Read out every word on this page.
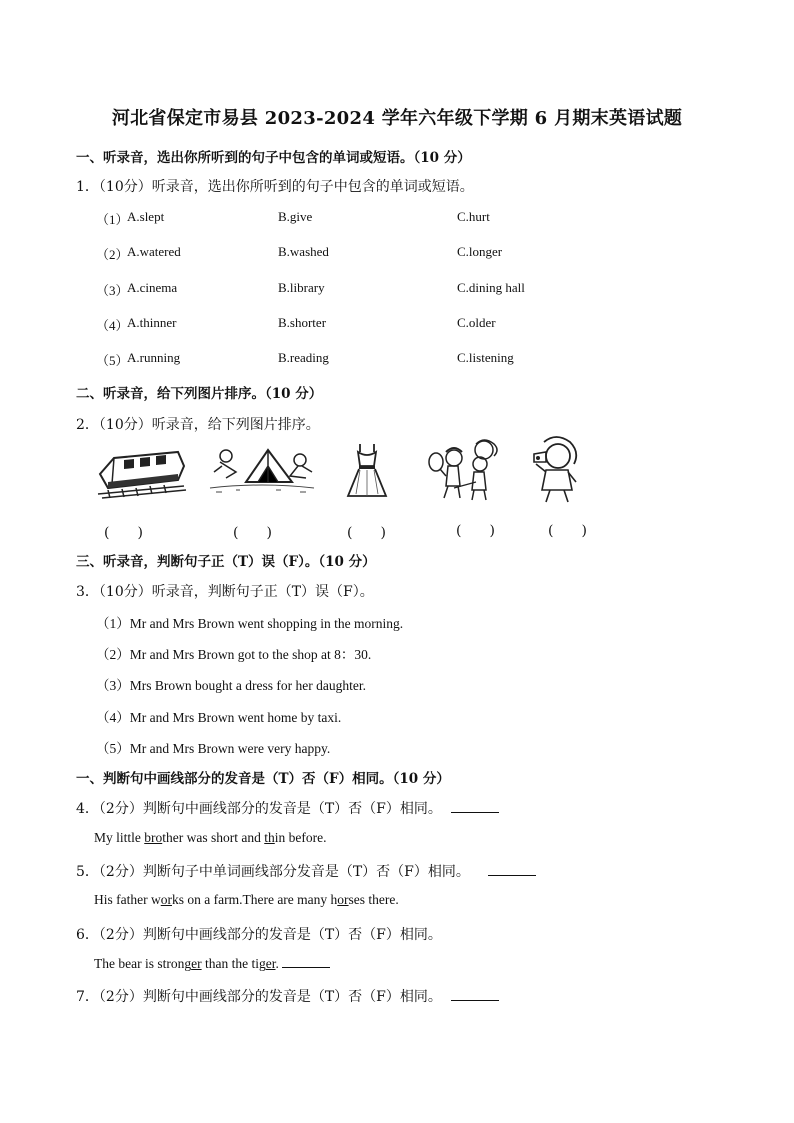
河北省保定市易县 2023-2024 学年六年级下学期 6 月期末英语试题
一、听录音，选出你所听到的句子中包含的单词或短语。（10 分）
1．（10分）听录音，选出你所听到的句子中包含的单词或短语。
（1）
A.slept	B.give	C.hurt
（2）
A.watered	B.washed	C.longer
（3）
A.cinema	B.library	C.dining hall
（4）
A.thinner	B.shorter	C.older
（5）
A.running	B.reading	C.listening
二、听录音，给下列图片排序。（10 分）
2．（10分）听录音，给下列图片排序。
(　　)	(　　)	(　　)	(　　)	(　　)
三、听录音，判断句子正（T）误（F）。（10 分）
3．（10分）听录音，判断句子正（T）误（F）。
（1）Mr and Mrs Brown went shopping in the morning.
（2）Mr and Mrs Brown got to the shop at 8：30.
（3）Mrs Brown bought a dress for her daughter.
（4）Mr and Mrs Brown went home by taxi.
（5）Mr and Mrs Brown were very happy.
一、判断句中画线部分的发音是（T）否（F）相同。（10 分）
4．（2分）判断句中画线部分的发音是（T）否（F）相同。
My little brother was short and thin before.
5．（2分）判断句子中单词画线部分发音是（T）否（F）相同。
His father works on a farm.There are many horses there.
6．（2分）判断句中画线部分的发音是（T）否（F）相同。
The bear is stronger than the tiger.
7．（2分）判断句中画线部分的发音是（T）否（F）相同。
